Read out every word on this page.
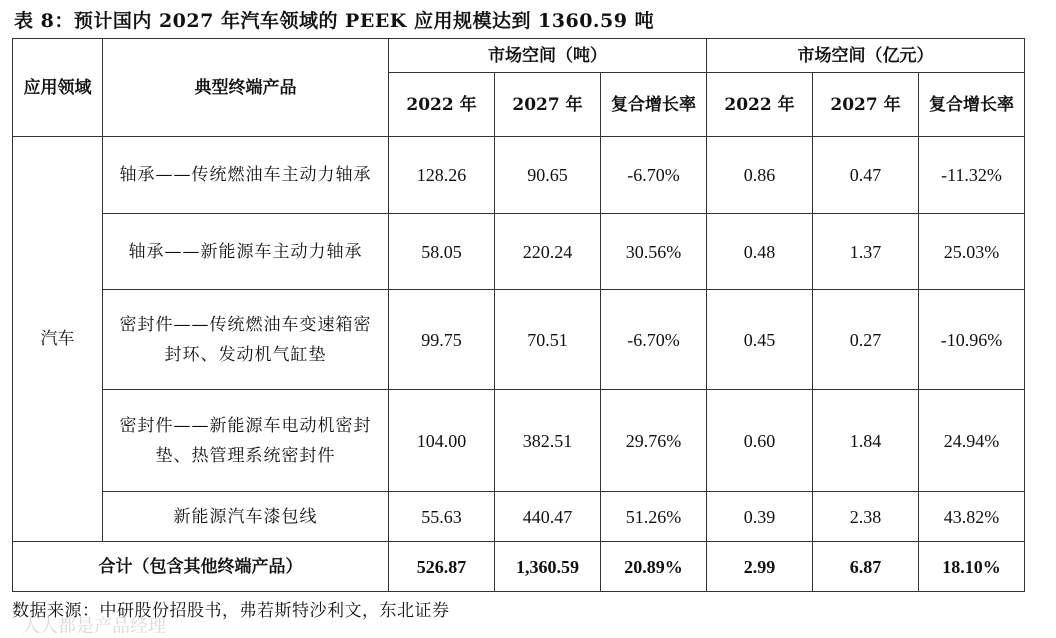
表 8：预计国内 2027 年汽车领域的 PEEK 应用规模达到 1360.59 吨
应用领域	典型终端产品	市场空间（吨）			市场空间（亿元）		
		2022 年	2027 年	复合增长率	2022 年	2027 年	复合增长率
汽车	轴承——传统燃油车主动力轴承	128.26	90.65	-6.70%	0.86	0.47	-11.32%
	轴承——新能源车主动力轴承	58.05	220.24	30.56%	0.48	1.37	25.03%
	密封件——传统燃油车变速箱密封环、发动机气缸垫	99.75	70.51	-6.70%	0.45	0.27	-10.96%
	密封件——新能源车电动机密封垫、热管理系统密封件	104.00	382.51	29.76%	0.60	1.84	24.94%
	新能源汽车漆包线	55.63	440.47	51.26%	0.39	2.38	43.82%
合计（包含其他终端产品）		526.87	1,360.59	20.89%	2.99	6.87	18.10%
数据来源：中研股份招股书，弗若斯特沙利文，东北证券
人人都是产品经理
